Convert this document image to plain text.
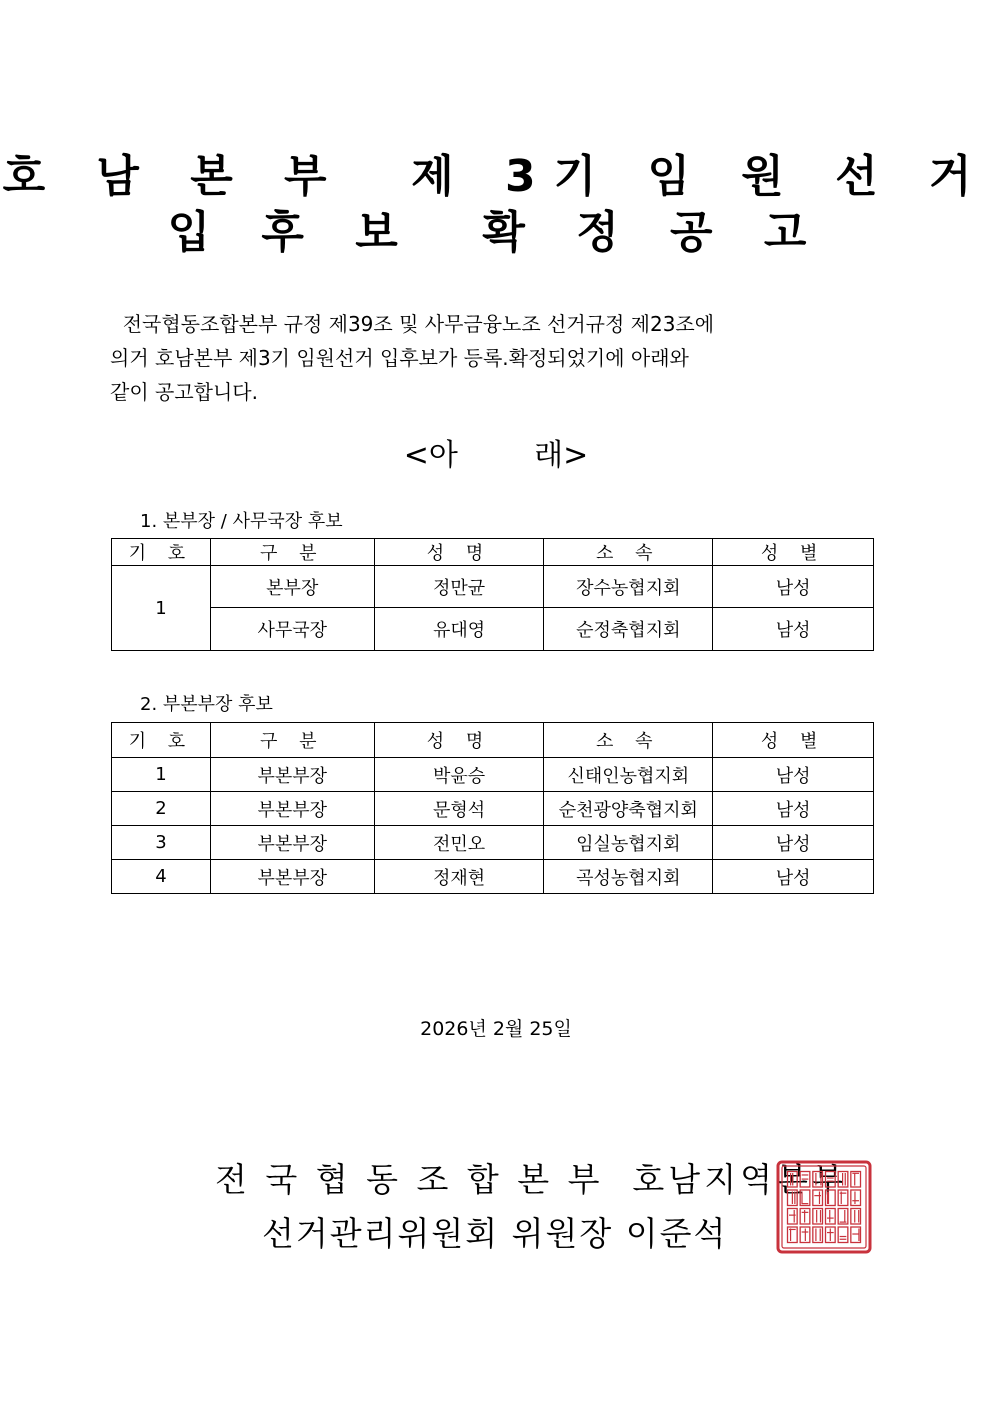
호 남 본 부  제 3기 임 원 선 거
입 후 보  확 정 공 고
전국협동조합본부 규정 제39조 및 사무금융노조 선거규정 제23조에
의거 호남본부 제3기 임원선거 입후보가 등록.확정되었기에 아래와
같이 공고합니다.
<아        래>
1. 본부장 / 사무국장 후보
기 호	구 분	성 명	소 속	성 별
1	본부장	정만균	장수농협지회	남성
	사무국장	유대영	순정축협지회	남성
2. 부본부장 후보
기 호	구 분	성 명	소 속	성 별
1	부본부장	박윤승	신태인농협지회	남성
2	부본부장	문형석	순천광양축협지회	남성
3	부본부장	전민오	임실농협지회	남성
4	부본부장	정재현	곡성농협지회	남성
2026년 2월 25일
전 국 협 동 조 합 본 부  호남지역본부
선거관리위원회 위원장 이준석
